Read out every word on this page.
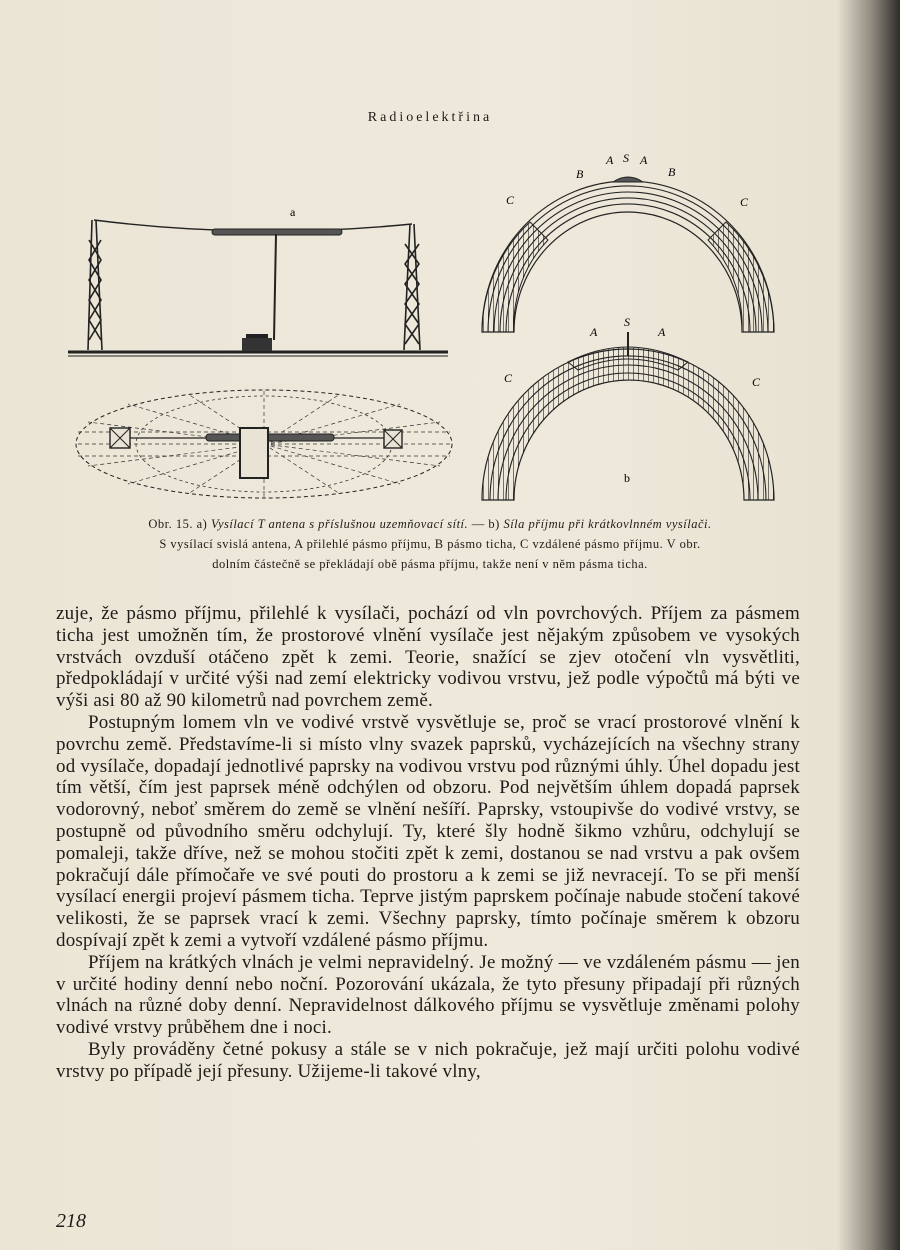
Radioelektřina
a
A S A
B	B
C	C
A
S
A
C	C
b
Obr. 15. a) Vysílací T antena s příslušnou uzemňovací sítí. — b) Síla příjmu při krátkovlnném vysílači.
S vysílací svislá antena, A přilehlé pásmo příjmu, B pásmo ticha, C vzdálené pásmo příjmu. V obr.
dolním částečně se překládají obě pásma příjmu, takže není v něm pásma ticha.

zuje, že pásmo příjmu, přilehlé k vysílači, pochází od vln povrchových. Příjem za pásmem ticha jest umožněn tím, že prostorové vlnění vysílače jest nějakým způsobem ve vysokých vrstvách ovzduší otáčeno zpět k zemi. Teorie, snažící se zjev otočení vln vysvětliti, předpokládají v určité výši nad zemí elektricky vodivou vrstvu, jež podle výpočtů má býti ve výši asi 80 až 90 kilometrů nad povrchem země.

Postupným lomem vln ve vodivé vrstvě vysvětluje se, proč se vrací prostorové vlnění k povrchu země. Představíme-li si místo vlny svazek paprsků, vycházejících na všechny strany od vysílače, dopadají jednotlivé paprsky na vodivou vrstvu pod různými úhly. Úhel dopadu jest tím větší, čím jest paprsek méně odchýlen od obzoru. Pod největším úhlem dopadá paprsek vodorovný, neboť směrem do země se vlnění nešíří. Paprsky, vstoupivše do vodivé vrstvy, se postupně od původního směru odchylují. Ty, které šly hodně šikmo vzhůru, odchylují se pomaleji, takže dříve, než se mohou stočiti zpět k zemi, dostanou se nad vrstvu a pak ovšem pokračují dále přímočaře ve své pouti do prostoru a k zemi se již nevracejí. To se při menší vysílací energii projeví pásmem ticha. Teprve jistým paprskem počínaje nabude stočení takové velikosti, že se paprsek vrací k zemi. Všechny paprsky, tímto počínaje směrem k obzoru dospívají zpět k zemi a vytvoří vzdálené pásmo příjmu.

Příjem na krátkých vlnách je velmi nepravidelný. Je možný — ve vzdáleném pásmu — jen v určité hodiny denní nebo noční. Pozorování ukázala, že tyto přesuny připadají při různých vlnách na různé doby denní. Nepravidelnost dálkového příjmu se vysvětluje změnami polohy vodivé vrstvy průběhem dne i noci.

Byly prováděny četné pokusy a stále se v nich pokračuje, jež mají určiti polohu vodivé vrstvy po případě její přesuny. Užijeme-li takové vlny,

218
